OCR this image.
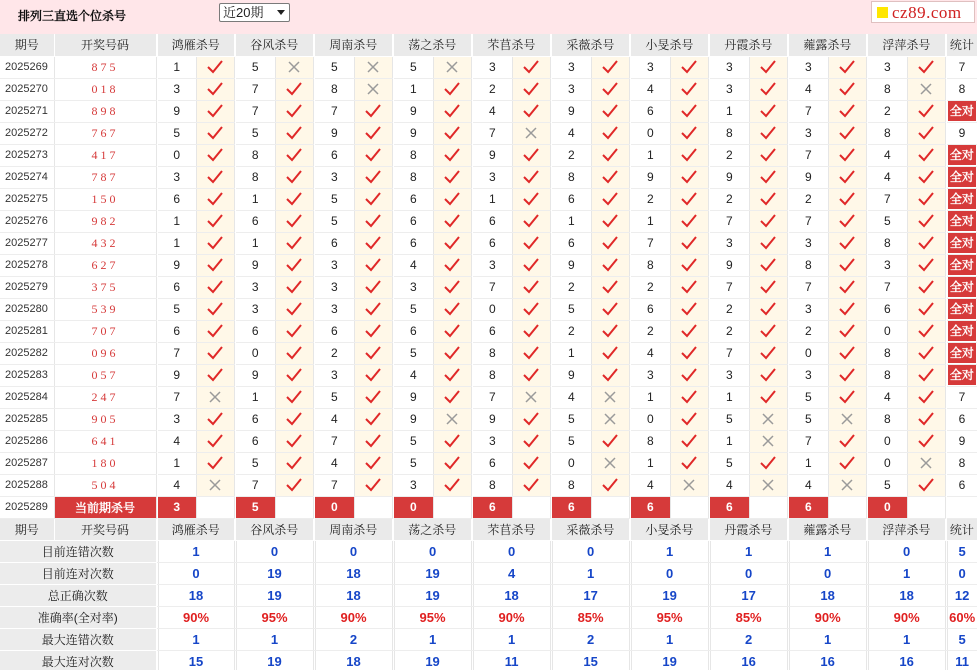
排列三直选个位杀号	近20期	cz89.com
期号	开奖号码		鸿雁杀号			谷风杀号			周南杀号			荡之杀号			芣苢杀号			采薇杀号			小旻杀号			丹霞杀号			蕹露杀号			浮萍杀号			统计
2025269	875		1			5			5			5			3			3			3			3			3			3			7
2025270	018		3			7			8			1			2			3			4			3			4			8			8
2025271	898		9			7			7			9			4			9			6			1			7			2			全对

2025272	767		5			5			9			9			7			4			0			8			3			8			9
2025273	417		0			8			6			8			9			2			1			2			7			4			全对

2025274	787		3			8			3			8			3			8			9			9			9			4			全对

2025275	150		6			1			5			6			1			6			2			2			2			7			全对

2025276	982		1			6			5			6			6			1			1			7			7			5			全对

2025277	432		1			1			6			6			6			6			7			3			3			8			全对

2025278	627		9			9			3			4			3			9			8			9			8			3			全对

2025279	375		6			3			3			3			7			2			2			7			7			7			全对

2025280	539		5			3			3			5			0			5			6			2			3			6			全对

2025281	707		6			6			6			6			6			2			2			2			2			0			全对

2025282	096		7			0			2			5			8			1			4			7			0			8			全对

2025283	057		9			9			3			4			8			9			3			3			3			8			全对

2025284	247		7			1			5			9			7			4			1			1			5			4			7
2025285	905		3			6			4			9			9			5			0			5			5			8			6
2025286	641		4			6			7			5			3			5			8			1			7			0			9
2025287	180		1			5			4			5			6			0			1			5			1			0			8
2025288	504		4			7			7			3			8			8			4			4			4			5			6
2025289	当前期杀号		3			5			0			0			6			6			6			6			6			0			
期号	开奖号码		鸿雁杀号			谷风杀号			周南杀号			荡之杀号			芣苢杀号			采薇杀号			小旻杀号			丹霞杀号			蕹露杀号			浮萍杀号			统计
目前连错次数			1			0			0			0			0			0			1			1			1			0			5
目前连对次数			0			19			18			19			4			1			0			0			0			1			0
总正确次数			18			19			18			19			18			17			19			17			18			18			12
准确率(全对率)			90%			95%			90%			95%			90%			85%			95%			85%			90%			90%			60%
最大连错次数			1			1			2			1			1			2			1			2			1			1			5
最大连对次数			15			19			18			19			11			15			19			16			16			16			11
